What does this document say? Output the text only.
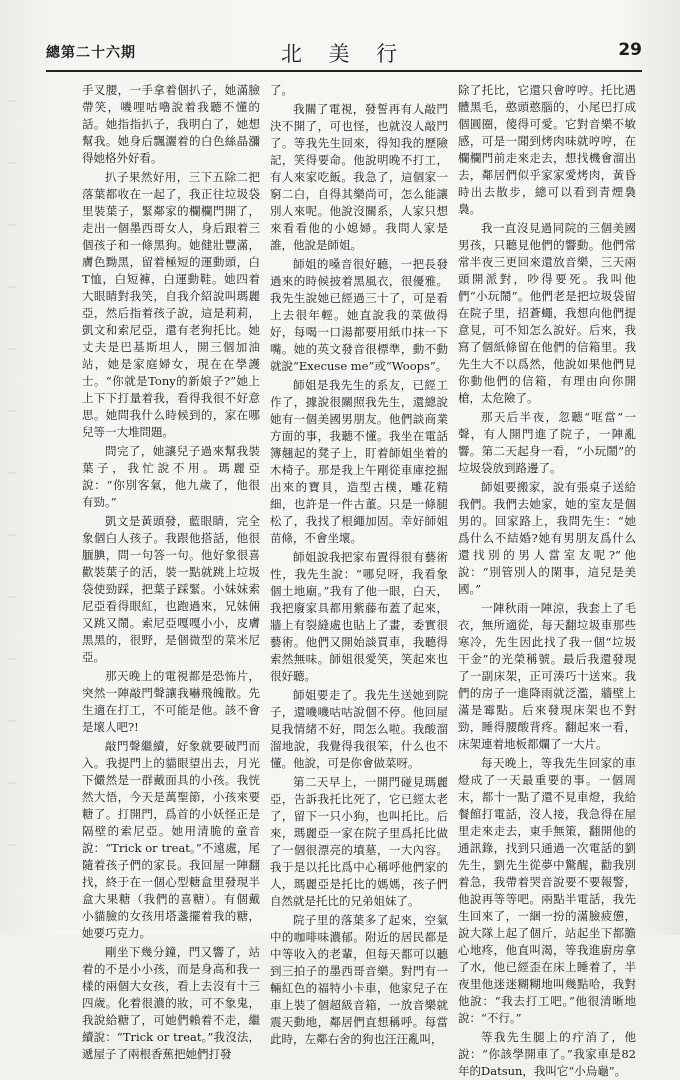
總第二十六期	北 美 行	29

手叉腰，一手拿着個扒子，她滿臉帶笑，嘰哩咕嚕說着我聽不懂的話。她指指扒子，我明白了，她想幫我。她身后飄灑着的白色絲晶瀰得她格外好看。

扒子果然好用，三下五除二把落葉都收在一起了，我正往垃圾袋里裝葉子，緊鄰家的欄欄門開了，走出一個墨西哥女人，身后跟着三個孩子和一條黑狗。她健壯豐滿，膚色黝黑，留着極短的運動頭，白T恤，白短褲，白運動鞋。她四着大眼睛對我笑，自我介紹說叫瑪麗亞，然后指着孩子說，這是莉莉，凱文和索尼亞，還有老狗托比。她丈夫是巴基斯坦人，開三個加油站，她是家庭婦女，現在在學護士。“你就是Tony的新娘子?”她上上下下打量着我，看得我很不好意思。她問我什么時候到的，家在哪兒等一大堆問題。

問完了，她讓兒子過來幫我裝葉子，我忙說不用。瑪麗亞說：“你別客氣，他九歲了，他很有勁。”

凱文是黃頭發，藍眼睛，完全象個白人孩子。我跟他搭話，他很腼腆，問一句答一句。他好象很喜歡裝葉子的活，裝一點就跳上垃圾袋使勁踩，把葉子踩緊。小妹妹索尼亞看得眼紅，也跑過來，兄妹倆又跳又鬧。索尼亞嘎嘎小小，皮膚黑黑的，很野，是個微型的菜米尼亞。

那天晚上的電視都是恐怖片，突然一陣敲門聲讓我嚇飛魄散。先生適在打工，不可能是他。該不會是壞人吧?!

敲門聲繼續，好象就要破門而入。我提門上的貓眼望出去，月光下儼然是一群戴面具的小孩。我恍然大悟，今天是萬聖節，小孩來要糖了。打開門，爲首的小妖怪正是隔壁的索尼亞。她用清脆的童音說：“Trick or treat。”不遠處，尾隨着孩子們的家長。我回屋一陣翻找，終于在一個心型糖盒里發現半盒大果糖（我們的喜糖）。有個戴小貓臉的女孩用塔盞擺着我的糖，她要巧克力。

剛坐下幾分鐘，門又響了，站着的不是小小孩，而是身高和我一樣的兩個大女孩，看上去沒有十三四歲。化着很濃的妝，可不象鬼，我說給糖了，可她們賴着不走，繼續說：“Trick or treat。”我沒法，遞屋子了兩根香蕉把她們打發

了。

我關了電視，發誓再有人敲門決不開了，可也怪，也就沒人敲門了。等我先生回來，得知我的歷險記，笑得要命。他說明晚不打工，有人來家吃飯。我急了，這個家一窮二白，自得其樂尚可，怎么能讓別人來呢。他說沒關系，人家只想來看看他的小媳婦。我問人家是誰，他說是師姐。

師姐的嗓音很好聽，一把長發過來的時候披着黑風衣，很優雅。我先生說她已經過三十了，可是看上去很年輕。她直說我的菜做得好，每喝一口湯都要用紙巾抹一下嘴。她的英文發音很標準，動不動就說“Execuse me”或“Woops”。

師姐是我先生的系友，已經工作了，據說很關照我先生，還總說她有一個美國男朋友。他們談商業方面的事，我聽不懂。我坐在電話簿翹起的凳子上，盯着師姐坐着的木椅子。那是我上午剛從車庫挖掘出來的寶貝，造型古樸，雕花精細，也許是一件古董。只是一條腿松了，我找了根繩加固。幸好師姐苗條，不會坐壞。

師姐說我把家布置得很有藝術性，我先生說：“哪兒呀，我看象個土地廟。”我有了他一眼，白天，我把廢家具都用紫藤布蓋了起來，牆上有裂縫處也貼上了畫，委實很藝術。他們又開始談買車，我聽得索然無味。師姐很愛笑，笑起來也很好聽。

師姐要走了。我先生送她到院子，還嘰嘰咕咕說個不停。他回屋見我情緒不好，問怎么啦。我酸溜溜地說，我覺得我很笨，什么也不懂。他說，可是你會做菜呀。

第二天早上，一開門碰見瑪麗亞，告訴我托比死了，它已經太老了，留下一只小狗，也叫托比。后來，瑪麗亞一家在院子里爲托比做了一個很漂亮的墳墓，一大內容。我于是以托比爲中心稱呼他們家的人，瑪麗亞是托比的媽媽，孩子們自然就是托比的兄弟姐妹了。

院子里的落葉多了起來，空氣中的咖啡味濃郁。附近的居民都是中等收入的老輩，但每天都可以聽到三拍子的墨西哥音樂。對門有一輛紅色的福特小卡車，他家兒子在車上裝了個超級音箱，一放音樂就震天動地，鄰居們直想稱呼。每當此時，左鄰右舍的狗也汪汪亂叫，

除了托比，它還只會哼哼。托比遇體黑毛，憨頭憨腦的，小尾巴打成個圓圈，傻得可愛。它對音樂不敏感，可是一聞到烤肉味就哼哼，在欄欄門前走來走去，想找機會溜出去，鄰居們似乎家家愛烤肉，黃昏時出去散步，總可以看到青煙裊裊。

我一直沒見過同院的三個美國男孩，只聽見他們的響動。他們常常半夜三更回來還放音樂，三天兩頭開派對，吵得要死。我叫他們“小玩鬧”。他們老是把垃圾袋留在院子里，招蒼蠅，我想向他們提意見，可不知怎么說好。后來，我寫了個紙條留在他們的信箱里。我先生大不以爲然，他說如果他們見你動他們的信箱，有理由向你開槍，太危險了。

那天后半夜，忽聽“哐當”一聲，有人開門進了院子，一陣亂響。第二天起身一看，“小玩鬧”的垃圾袋放到路邊了。

師姐要搬家，說有張桌子送給我們。我們去她家，她的室友是個男的。回家路上，我問先生：“她爲什么不結婚?她有男朋友爲什么還找別的男人當室友呢?”他說：“別管別人的閑事，這兒是美國。”

一陣秋雨一陣涼，我套上了毛衣，無所適從，每天翻垃圾車那些寒冷，先生因此找了我一個“垃圾干金”的光榮稱號。最后我還發現了一副床架，正可湊巧十送來。我們的房子一進降雨就泛濫，牆壁上滿是霉點。后來發現床架也不對勁，睡得腰酸背疼。翻起來一看，床架連着地板都爛了一大片。

每天晚上，等我先生回家的車燈成了一天最重要的事。一個周末，都十一點了還不見車燈，我給餐館打電話，沒人接，我急得在屋里走來走去，東手無策，翻開他的通訊錄，找到只通過一次電話的劉先生，劉先生從夢中驚醒，勸我別着急，我帶着哭音說要不要報警，他說再等等吧。兩點半電話，我先生回來了，一綑一扮的滿臉疲憊，說大隊上起了個斤，站起坐下都膽心地疼，他直叫渴，等我進廚房拿了水，他已經歪在床上睡着了，半夜里他迷迷糊糊地叫幾點哈，我對他說：“我去打工吧。”他很清晰地說：“不行。”

等我先生腿上的疔消了，他說：“你該學開車了。”我家車是82年的Datsun，我叫它“小烏龜”。
